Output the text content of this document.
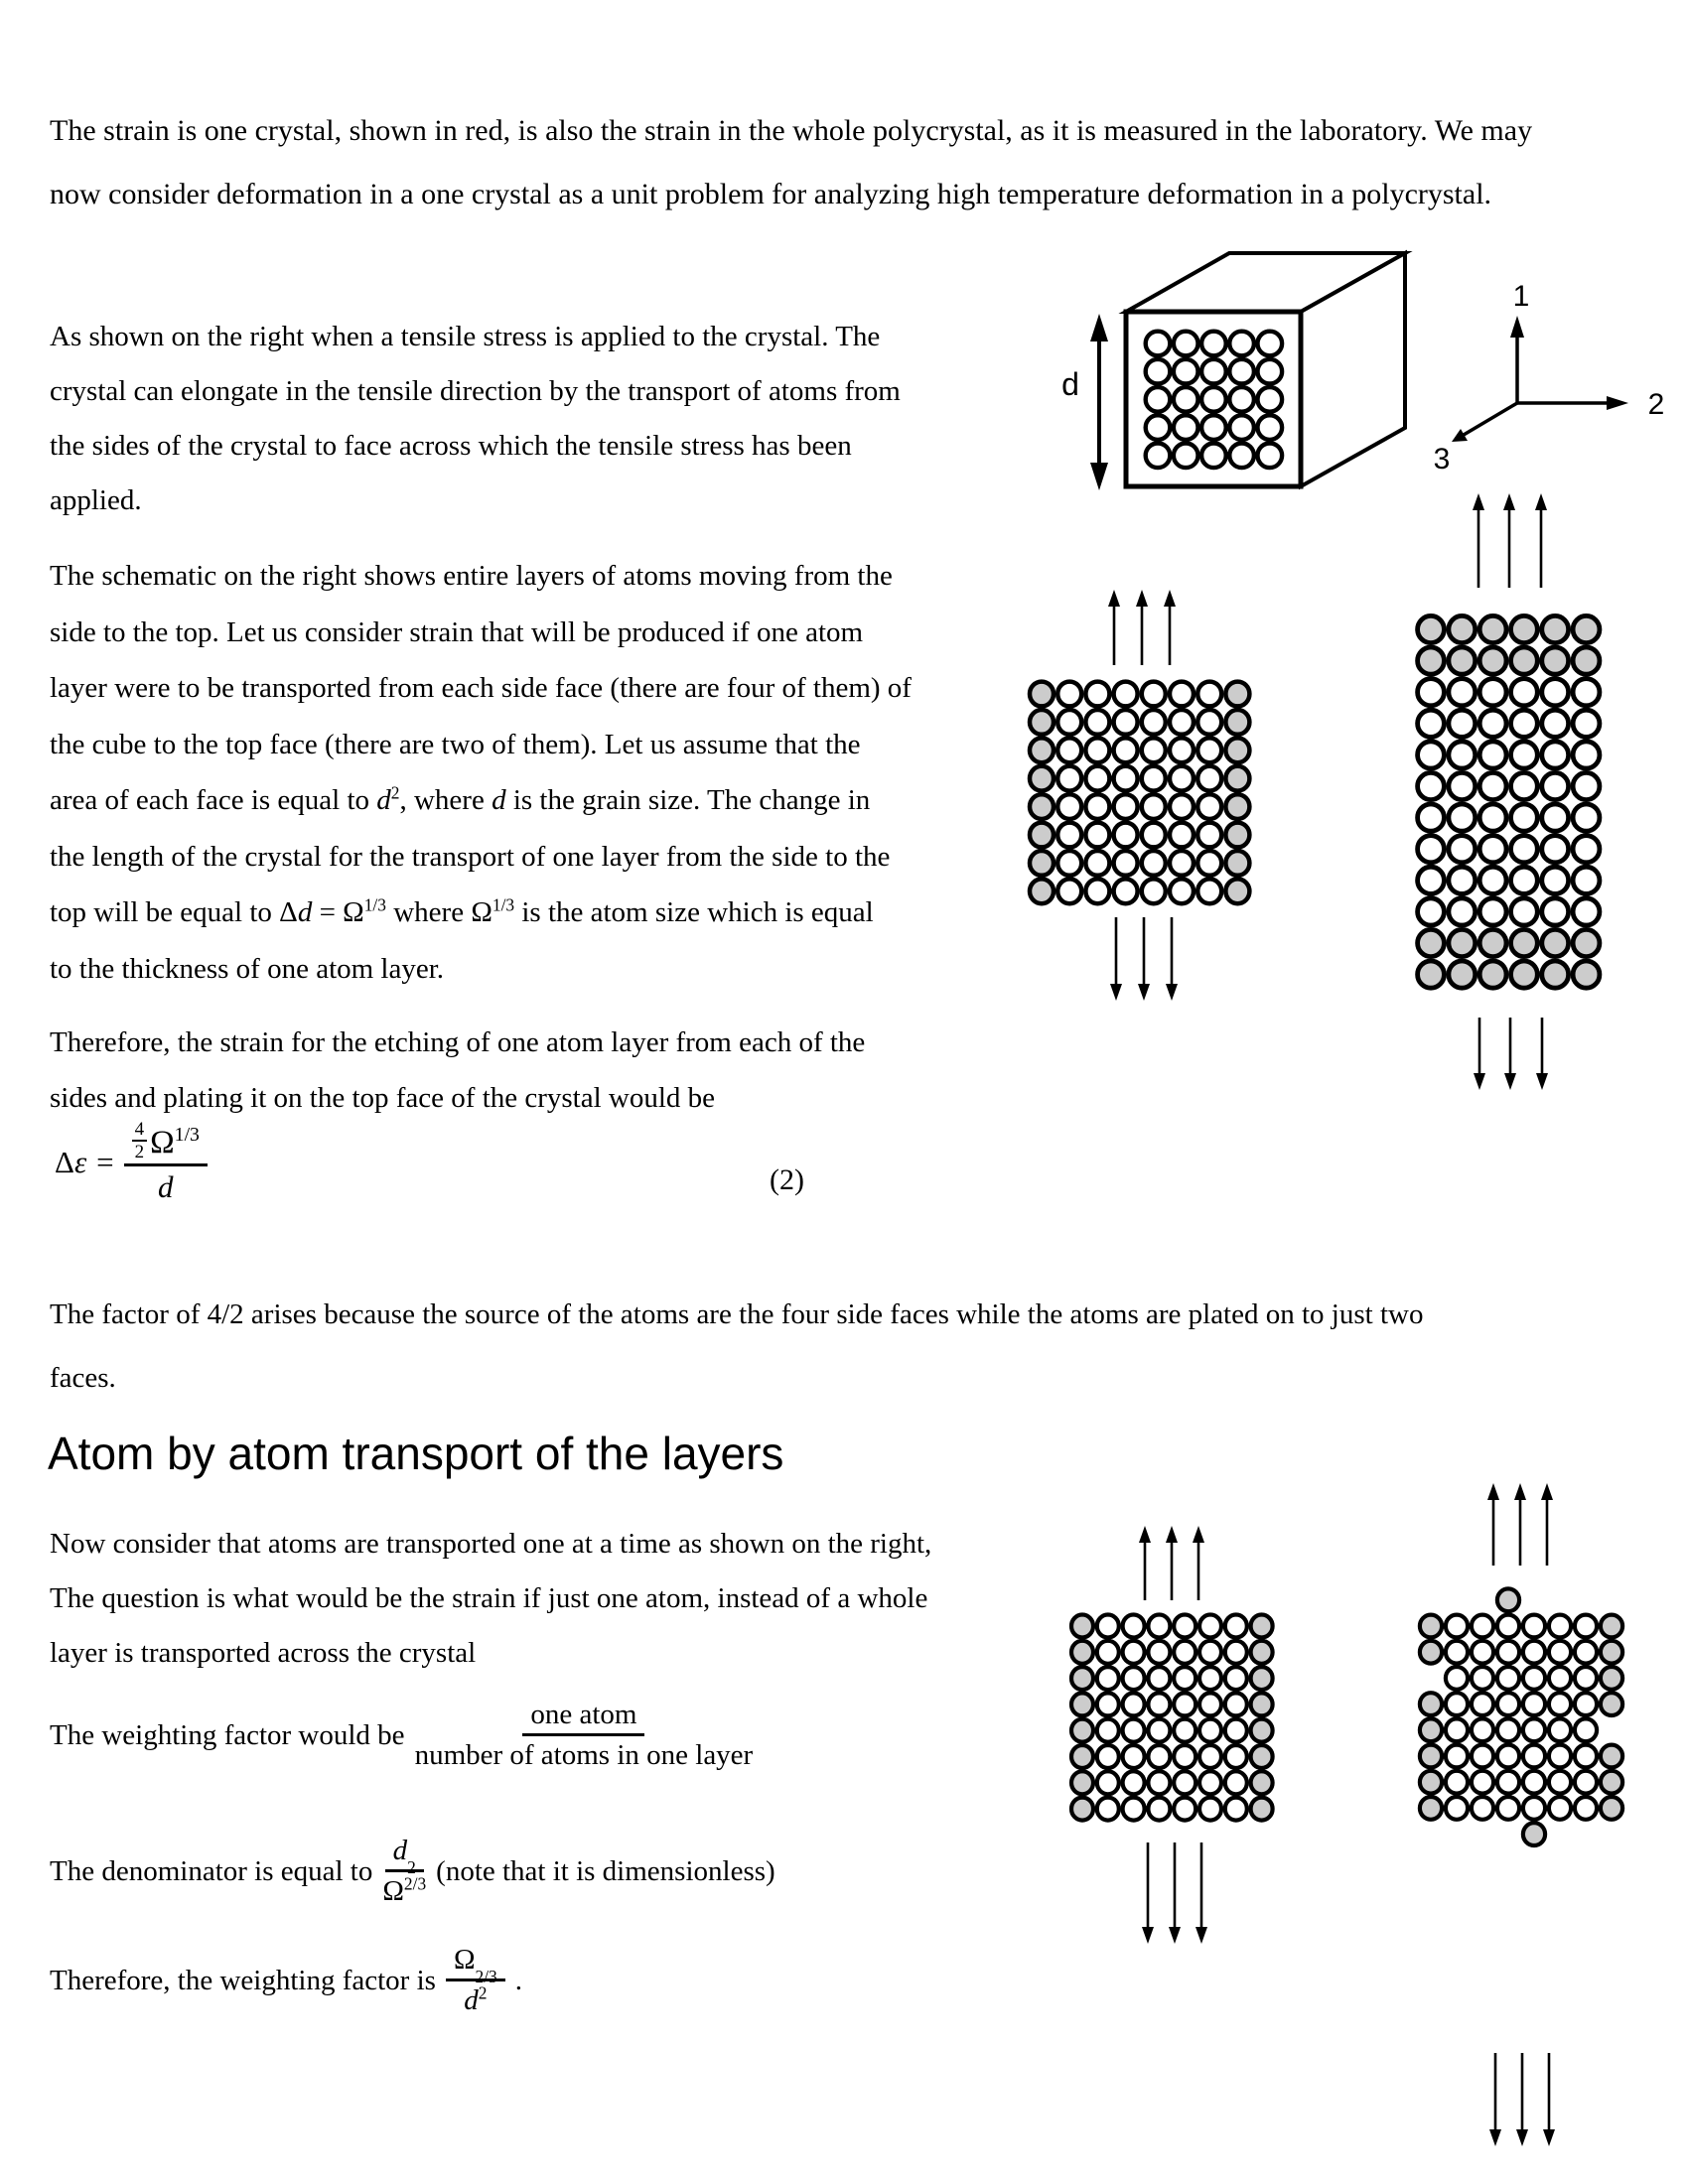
The strain is one crystal, shown in red, is also the strain in the whole polycrystal, as it is measured in the laboratory. We may
now consider deformation in a one crystal as a unit problem for analyzing high temperature deformation in a polycrystal.
As shown on the right when a tensile stress is applied to the crystal. The
crystal can elongate in the tensile direction by the transport of atoms from
the sides of the crystal to face across which the tensile stress has been
applied.
The schematic on the right shows entire layers of atoms moving from the
side to the top. Let us consider strain that will be produced if one atom
layer were to be transported from each side face (there are four of them) of
the cube to the top face (there are two of them). Let us assume that the
area of each face is equal to $d^2$, where d is the grain size. The change in
the length of the crystal for the transport of one layer from the side to the
top will be equal to $\Delta d = \Omega^{1/3}$ where $\Omega^{1/3}$ is the atom size which is equal
to the thickness of one atom layer.
Therefore, the strain for the etching of one atom layer from each of the
sides and plating it on the top face of the crystal would be
Δε = 4
2 $\Omega^{1/3}$
d	(2)
The factor of 4/2 arises because the source of the atoms are the four side faces while the atoms are plated on to just two
faces.
Atom by atom transport of the layers
Now consider that atoms are transported one at a time as shown on the right,
The question is what would be the strain if just one atom, instead of a whole
layer is transported across the crystal
The weighting factor would be $\frac{\text{one atom}}{\text{number of atoms in one layer}}$
The denominator is equal to d
2
$\Omega^{2/3}$ (note that it is dimensionless)
Therefore, the weighting factor is Ω
2/3
$d^2$ .
d
1
2
3
